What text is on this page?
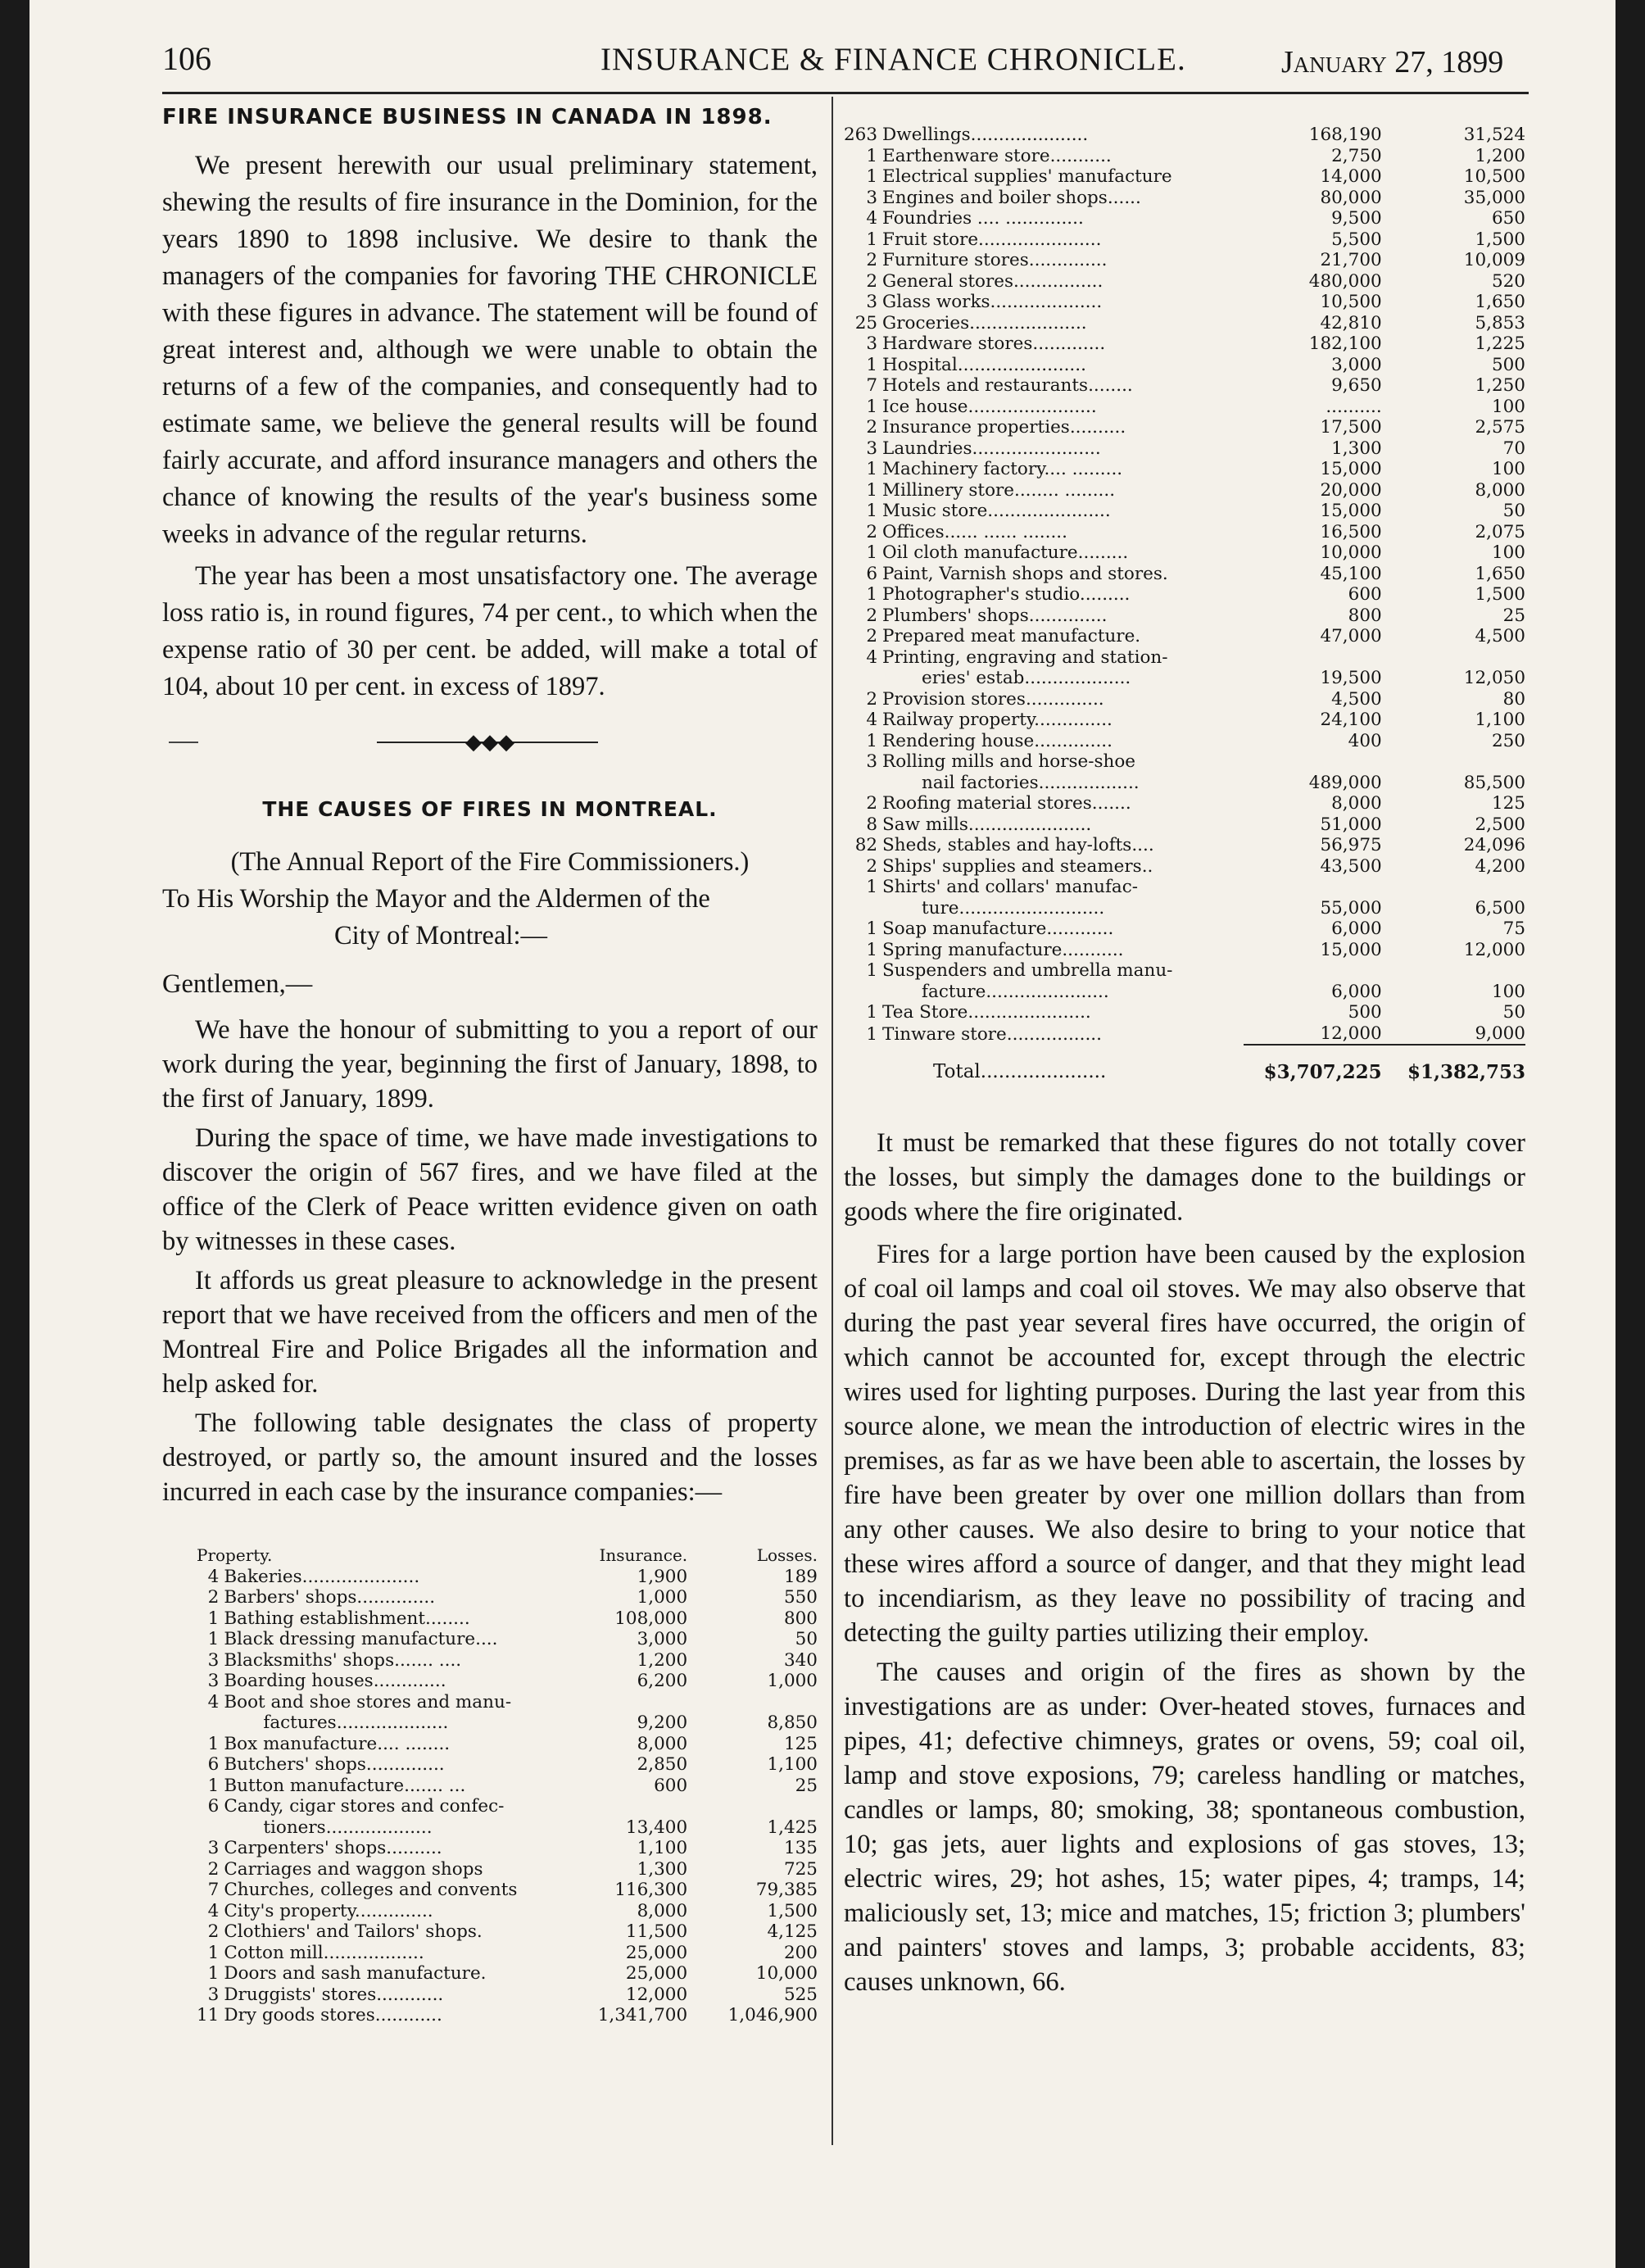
106	INSURANCE & FINANCE CHRONICLE.	January 27, 1899
FIRE INSURANCE BUSINESS IN CANADA IN 1898.

We present herewith our usual preliminary statement, shewing the results of fire insurance in the Dominion, for the years 1890 to 1898 inclusive. We desire to thank the managers of the companies for favoring THE CHRONICLE with these figures in advance. The statement will be found of great interest and, although we were unable to obtain the returns of a few of the companies, and consequently had to estimate same, we believe the general results will be found fairly accurate, and afford insurance managers and others the chance of knowing the results of the year's business some weeks in advance of the regular returns.

The year has been a most unsatisfactory one. The average loss ratio is, in round figures, 74 per cent., to which when the expense ratio of 30 per cent. be added, will make a total of 104, about 10 per cent. in excess of 1897.

◆◆◆
THE CAUSES OF FIRES IN MONTREAL.

(The Annual Report of the Fire Commissioners.)

To His Worship the Mayor and the Aldermen of the

City of Montreal:—

Gentlemen,—

We have the honour of submitting to you a report of our work during the year, beginning the first of January, 1898, to the first of January, 1899.

During the space of time, we have made investigations to discover the origin of 567 fires, and we have filed at the office of the Clerk of Peace written evidence given on oath by witnesses in these cases.

It affords us great pleasure to acknowledge in the present report that we have received from the officers and men of the Montreal Fire and Police Brigades all the information and help asked for.

The following table designates the class of property destroyed, or partly so, the amount insured and the losses incurred in each case by the insurance companies:—

Property.		Insurance.	Losses.
4	Bakeries.....................	1,900	189
2	Barbers' shops..............	1,000	550
1	Bathing establishment........	108,000	800
1	Black dressing manufacture....	3,000	50
3	Blacksmiths' shops....... ....	1,200	340
3	Boarding houses.............	6,200	1,000
4	Boot and shoe stores and manu-		
	factures....................	9,200	8,850
1	Box manufacture.... ........	8,000	125
6	Butchers' shops..............	2,850	1,100
1	Button manufacture....... ...	600	25
6	Candy, cigar stores and confec-		
	tioners...................	13,400	1,425
3	Carpenters' shops..........	1,100	135
2	Carriages and waggon shops	1,300	725
7	Churches, colleges and convents	116,300	79,385
4	City's property..............	8,000	1,500
2	Clothiers' and Tailors' shops.	11,500	4,125
1	Cotton mill..................	25,000	200
1	Doors and sash manufacture.	25,000	10,000
3	Druggists' stores............	12,000	525
11	Dry goods stores............	1,341,700	1,046,900
263	Dwellings.....................	168,190	31,524
1	Earthenware store...........	2,750	1,200
1	Electrical supplies' manufacture	14,000	10,500
3	Engines and boiler shops......	80,000	35,000
4	Foundries .... ..............	9,500	650
1	Fruit store......................	5,500	1,500
2	Furniture stores..............	21,700	10,009
2	General stores................	480,000	520
3	Glass works....................	10,500	1,650
25	Groceries.....................	42,810	5,853
3	Hardware stores.............	182,100	1,225
1	Hospital.......................	3,000	500
7	Hotels and restaurants........	9,650	1,250
1	Ice house.......................	..........	100
2	Insurance properties..........	17,500	2,575
3	Laundries.......................	1,300	70
1	Machinery factory.... .........	15,000	100
1	Millinery store........ .........	20,000	8,000
1	Music store......................	15,000	50
2	Offices...... ...... ........	16,500	2,075
1	Oil cloth manufacture.........	10,000	100
6	Paint, Varnish shops and stores.	45,100	1,650
1	Photographer's studio.........	600	1,500
2	Plumbers' shops..............	800	25
2	Prepared meat manufacture.	47,000	4,500
4	Printing, engraving and station-		
	eries' estab...................	19,500	12,050
2	Provision stores..............	4,500	80
4	Railway property..............	24,100	1,100
1	Rendering house..............	400	250
3	Rolling mills and horse-shoe		
	nail factories..................	489,000	85,500
2	Roofing material stores.......	8,000	125
8	Saw mills......................	51,000	2,500
82	Sheds, stables and hay-lofts....	56,975	24,096
2	Ships' supplies and steamers..	43,500	4,200
1	Shirts' and collars' manufac-		
	ture..........................	55,000	6,500
1	Soap manufacture............	6,000	75
1	Spring manufacture...........	15,000	12,000
1	Suspenders and umbrella manu-		
	facture......................	6,000	100
1	Tea Store......................	500	50
1	Tinware store.................	12,000	9,000

	Total.....................	$3,707,225	$1,382,753

It must be remarked that these figures do not totally cover the losses, but simply the damages done to the buildings or goods where the fire originated.

Fires for a large portion have been caused by the explosion of coal oil lamps and coal oil stoves. We may also observe that during the past year several fires have occurred, the origin of which cannot be accounted for, except through the electric wires used for lighting purposes. During the last year from this source alone, we mean the introduction of electric wires in the premises, as far as we have been able to ascertain, the losses by fire have been greater by over one million dollars than from any other causes. We also desire to bring to your notice that these wires afford a source of danger, and that they might lead to incendiarism, as they leave no possibility of tracing and detecting the guilty parties utilizing their employ.

The causes and origin of the fires as shown by the investigations are as under: Over-heated stoves, furnaces and pipes, 41; defective chimneys, grates or ovens, 59; coal oil, lamp and stove exposions, 79; careless handling or matches, candles or lamps, 80; smoking, 38; spontaneous combustion, 10; gas jets, auer lights and explosions of gas stoves, 13; electric wires, 29; hot ashes, 15; water pipes, 4; tramps, 14; maliciously set, 13; mice and matches, 15; friction 3; plumbers' and painters' stoves and lamps, 3; probable accidents, 83; causes unknown, 66.
